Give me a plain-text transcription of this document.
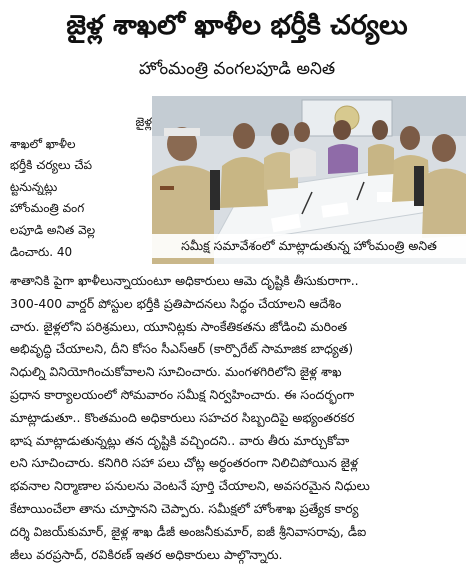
జైళ్ల శాఖలో ఖాళీల భర్తీకి చర్యలు
హోంమంత్రి వంగలపూడి అనిత
జైళ్ల
శాఖలో ఖాళీల
భర్తీకి చర్యలు చేప
ట్టనున్నట్లు
హోంమంత్రి వంగ
లపూడి అనిత వెల్ల
డించారు. 40	సమీక్ష సమావేశంలో మాట్లాడుతున్న హోంమంత్రి అనిత
శాతానికి పైగా ఖాళీలున్నాయంటూ అధికారులు ఆమె దృష్టికి తీసుకురాగా..
300-400 వార్డర్ పోస్టుల భర్తీకి ప్రతిపాదనలు సిద్ధం చేయాలని ఆదేశిం
చారు. జైళ్లలోని పరిశ్రమలు, యూనిట్లకు సాంకేతికతను జోడించి మరింత
అభివృద్ధి చేయాలని, దీని కోసం సీఎస్ఆర్ (కార్పొరేట్ సామాజిక బాధ్యత)
నిధుల్ని వినియోగించుకోవాలని సూచించారు. మంగళగిరిలోని జైళ్ల శాఖ
ప్రధాన కార్యాలయంలో సోమవారం సమీక్ష నిర్వహించారు. ఈ సందర్భంగా
మాట్లాడుతూ.. కొంతమంది అధికారులు సహచర సిబ్బందిపై అభ్యంతరకర
భాష మాట్లాడుతున్నట్లు తన దృష్టికి వచ్చిందని.. వారు తీరు మార్చుకోవా
లని సూచించారు. కనిగిరి సహా పలు చోట్ల అర్ధంతరంగా నిలిచిపోయిన జైళ్ల
భవనాల నిర్మాణాల పనులను వెంటనే పూర్తి చేయాలని, అవసరమైన నిధులు
కేటాయించేలా తాను చూస్తానని చెప్పారు. సమీక్షలో హోంశాఖ ప్రత్యేక కార్య
దర్శి విజయ్‌కుమార్, జైళ్ల శాఖ డీజీ అంజనీకుమార్, ఐజీ శ్రీనివాసరావు, డీఐ
జీలు వరప్రసాద్, రవికిరణ్ ఇతర అధికారులు పాల్గొన్నారు.
